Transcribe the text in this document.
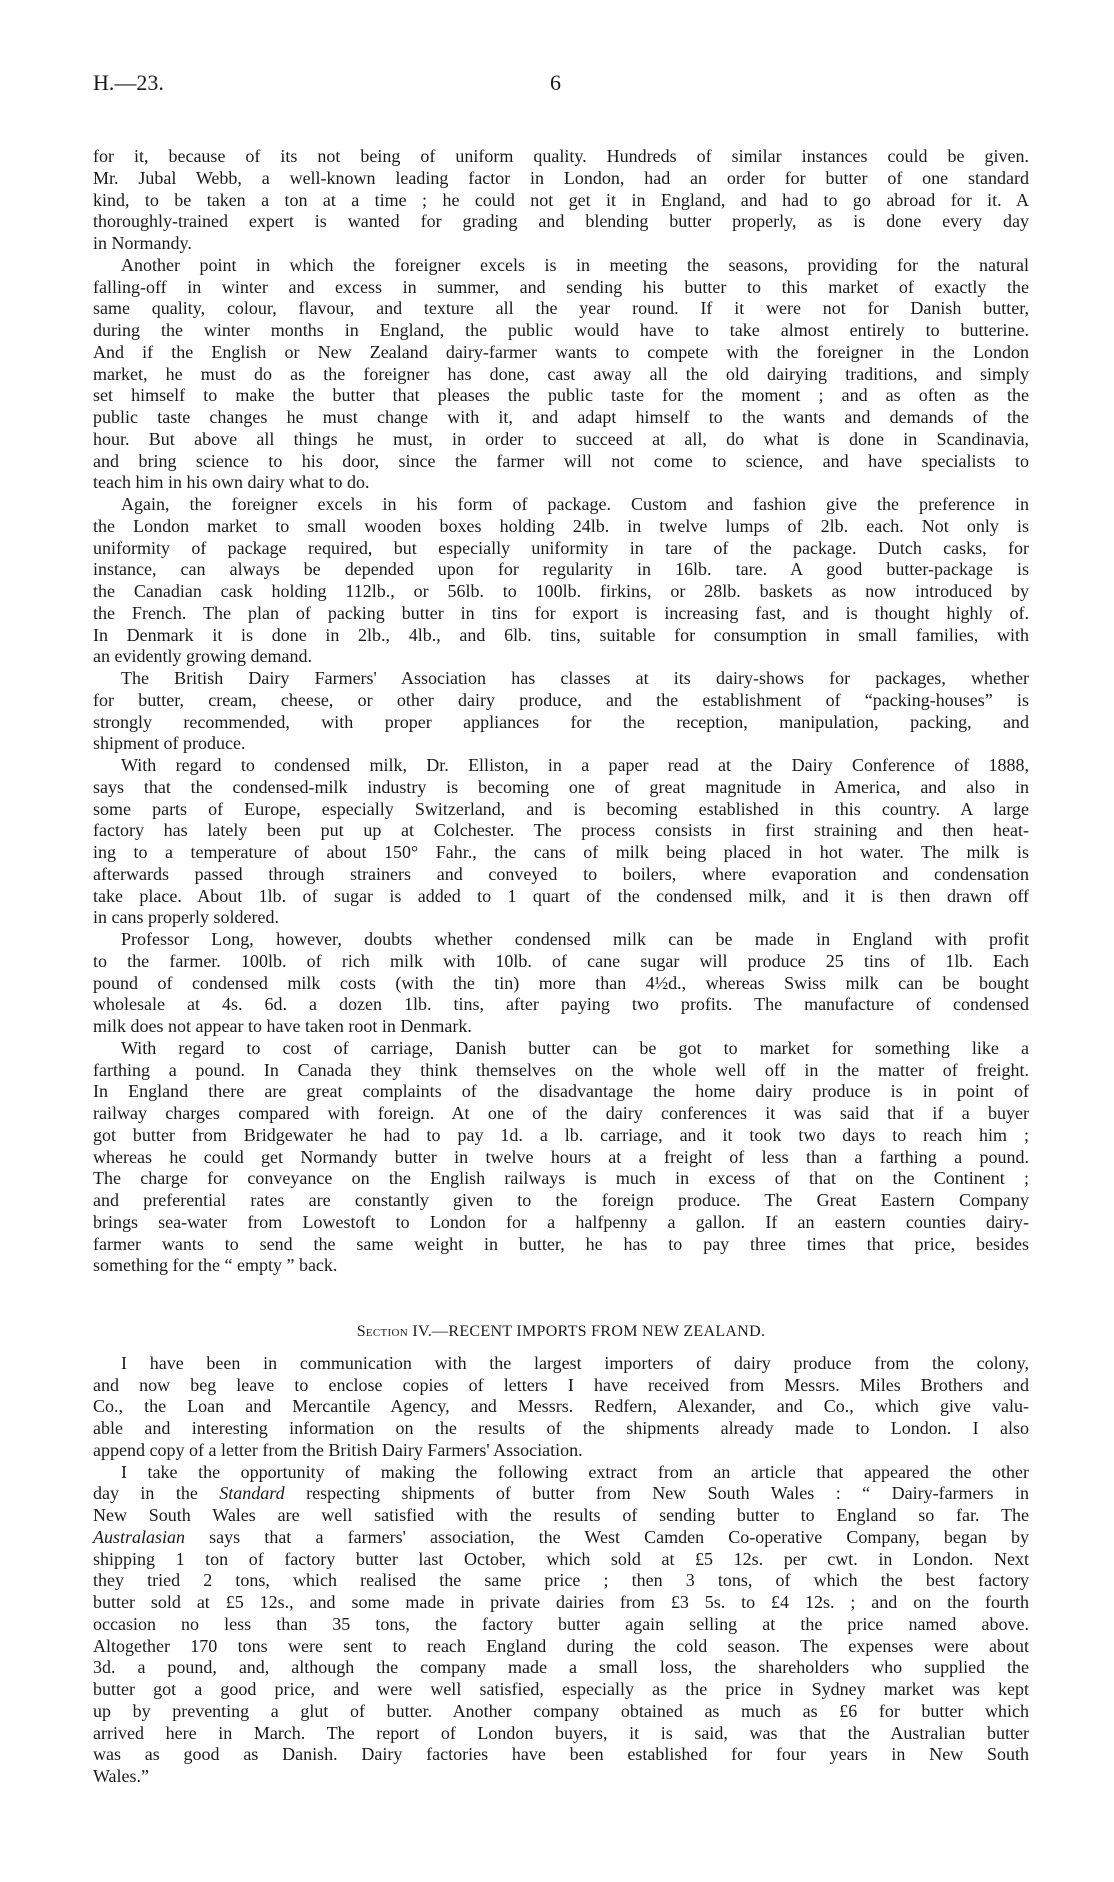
H.—23.	6
for it, because of its not being of uniform quality. Hundreds of similar instances could be given.
Mr. Jubal Webb, a well-known leading factor in London, had an order for butter of one standard
kind, to be taken a ton at a time ; he could not get it in England, and had to go abroad for it. A
thoroughly-trained expert is wanted for grading and blending butter properly, as is done every day
in Normandy.
Another point in which the foreigner excels is in meeting the seasons, providing for the natural
falling-off in winter and excess in summer, and sending his butter to this market of exactly the
same quality, colour, flavour, and texture all the year round. If it were not for Danish butter,
during the winter months in England, the public would have to take almost entirely to butterine.
And if the English or New Zealand dairy-farmer wants to compete with the foreigner in the London
market, he must do as the foreigner has done, cast away all the old dairying traditions, and simply
set himself to make the butter that pleases the public taste for the moment ; and as often as the
public taste changes he must change with it, and adapt himself to the wants and demands of the
hour. But above all things he must, in order to succeed at all, do what is done in Scandinavia,
and bring science to his door, since the farmer will not come to science, and have specialists to
teach him in his own dairy what to do.
Again, the foreigner excels in his form of package. Custom and fashion give the preference in
the London market to small wooden boxes holding 24lb. in twelve lumps of 2lb. each. Not only is
uniformity of package required, but especially uniformity in tare of the package. Dutch casks, for
instance, can always be depended upon for regularity in 16lb. tare. A good butter-package is
the Canadian cask holding 112lb., or 56lb. to 100lb. firkins, or 28lb. baskets as now introduced by
the French. The plan of packing butter in tins for export is increasing fast, and is thought highly of.
In Denmark it is done in 2lb., 4lb., and 6lb. tins, suitable for consumption in small families, with
an evidently growing demand.
The British Dairy Farmers' Association has classes at its dairy-shows for packages, whether
for butter, cream, cheese, or other dairy produce, and the establishment of “packing-houses” is
strongly recommended, with proper appliances for the reception, manipulation, packing, and
shipment of produce.
With regard to condensed milk, Dr. Elliston, in a paper read at the Dairy Conference of 1888,
says that the condensed-milk industry is becoming one of great magnitude in America, and also in
some parts of Europe, especially Switzerland, and is becoming established in this country. A large
factory has lately been put up at Colchester. The process consists in first straining and then heat-
ing to a temperature of about 150° Fahr., the cans of milk being placed in hot water. The milk is
afterwards passed through strainers and conveyed to boilers, where evaporation and condensation
take place. About 1lb. of sugar is added to 1 quart of the condensed milk, and it is then drawn off
in cans properly soldered.
Professor Long, however, doubts whether condensed milk can be made in England with profit
to the farmer. 100lb. of rich milk with 10lb. of cane sugar will produce 25 tins of 1lb. Each
pound of condensed milk costs (with the tin) more than 4½d., whereas Swiss milk can be bought
wholesale at 4s. 6d. a dozen 1lb. tins, after paying two profits. The manufacture of condensed
milk does not appear to have taken root in Denmark.
With regard to cost of carriage, Danish butter can be got to market for something like a
farthing a pound. In Canada they think themselves on the whole well off in the matter of freight.
In England there are great complaints of the disadvantage the home dairy produce is in point of
railway charges compared with foreign. At one of the dairy conferences it was said that if a buyer
got butter from Bridgewater he had to pay 1d. a lb. carriage, and it took two days to reach him ;
whereas he could get Normandy butter in twelve hours at a freight of less than a farthing a pound.
The charge for conveyance on the English railways is much in excess of that on the Continent ;
and preferential rates are constantly given to the foreign produce. The Great Eastern Company
brings sea-water from Lowestoft to London for a halfpenny a gallon. If an eastern counties dairy-
farmer wants to send the same weight in butter, he has to pay three times that price, besides
something for the “ empty ” back.
Section IV.—RECENT IMPORTS FROM NEW ZEALAND.
I have been in communication with the largest importers of dairy produce from the colony,
and now beg leave to enclose copies of letters I have received from Messrs. Miles Brothers and
Co., the Loan and Mercantile Agency, and Messrs. Redfern, Alexander, and Co., which give valu-
able and interesting information on the results of the shipments already made to London. I also
append copy of a letter from the British Dairy Farmers' Association.
I take the opportunity of making the following extract from an article that appeared the other
day in the Standard respecting shipments of butter from New South Wales : “ Dairy-farmers in
New South Wales are well satisfied with the results of sending butter to England so far. The
Australasian says that a farmers' association, the West Camden Co-operative Company, began by
shipping 1 ton of factory butter last October, which sold at £5 12s. per cwt. in London. Next
they tried 2 tons, which realised the same price ; then 3 tons, of which the best factory
butter sold at £5 12s., and some made in private dairies from £3 5s. to £4 12s. ; and on the fourth
occasion no less than 35 tons, the factory butter again selling at the price named above.
Altogether 170 tons were sent to reach England during the cold season. The expenses were about
3d. a pound, and, although the company made a small loss, the shareholders who supplied the
butter got a good price, and were well satisfied, especially as the price in Sydney market was kept
up by preventing a glut of butter. Another company obtained as much as £6 for butter which
arrived here in March. The report of London buyers, it is said, was that the Australian butter
was as good as Danish. Dairy factories have been established for four years in New South
Wales.”
